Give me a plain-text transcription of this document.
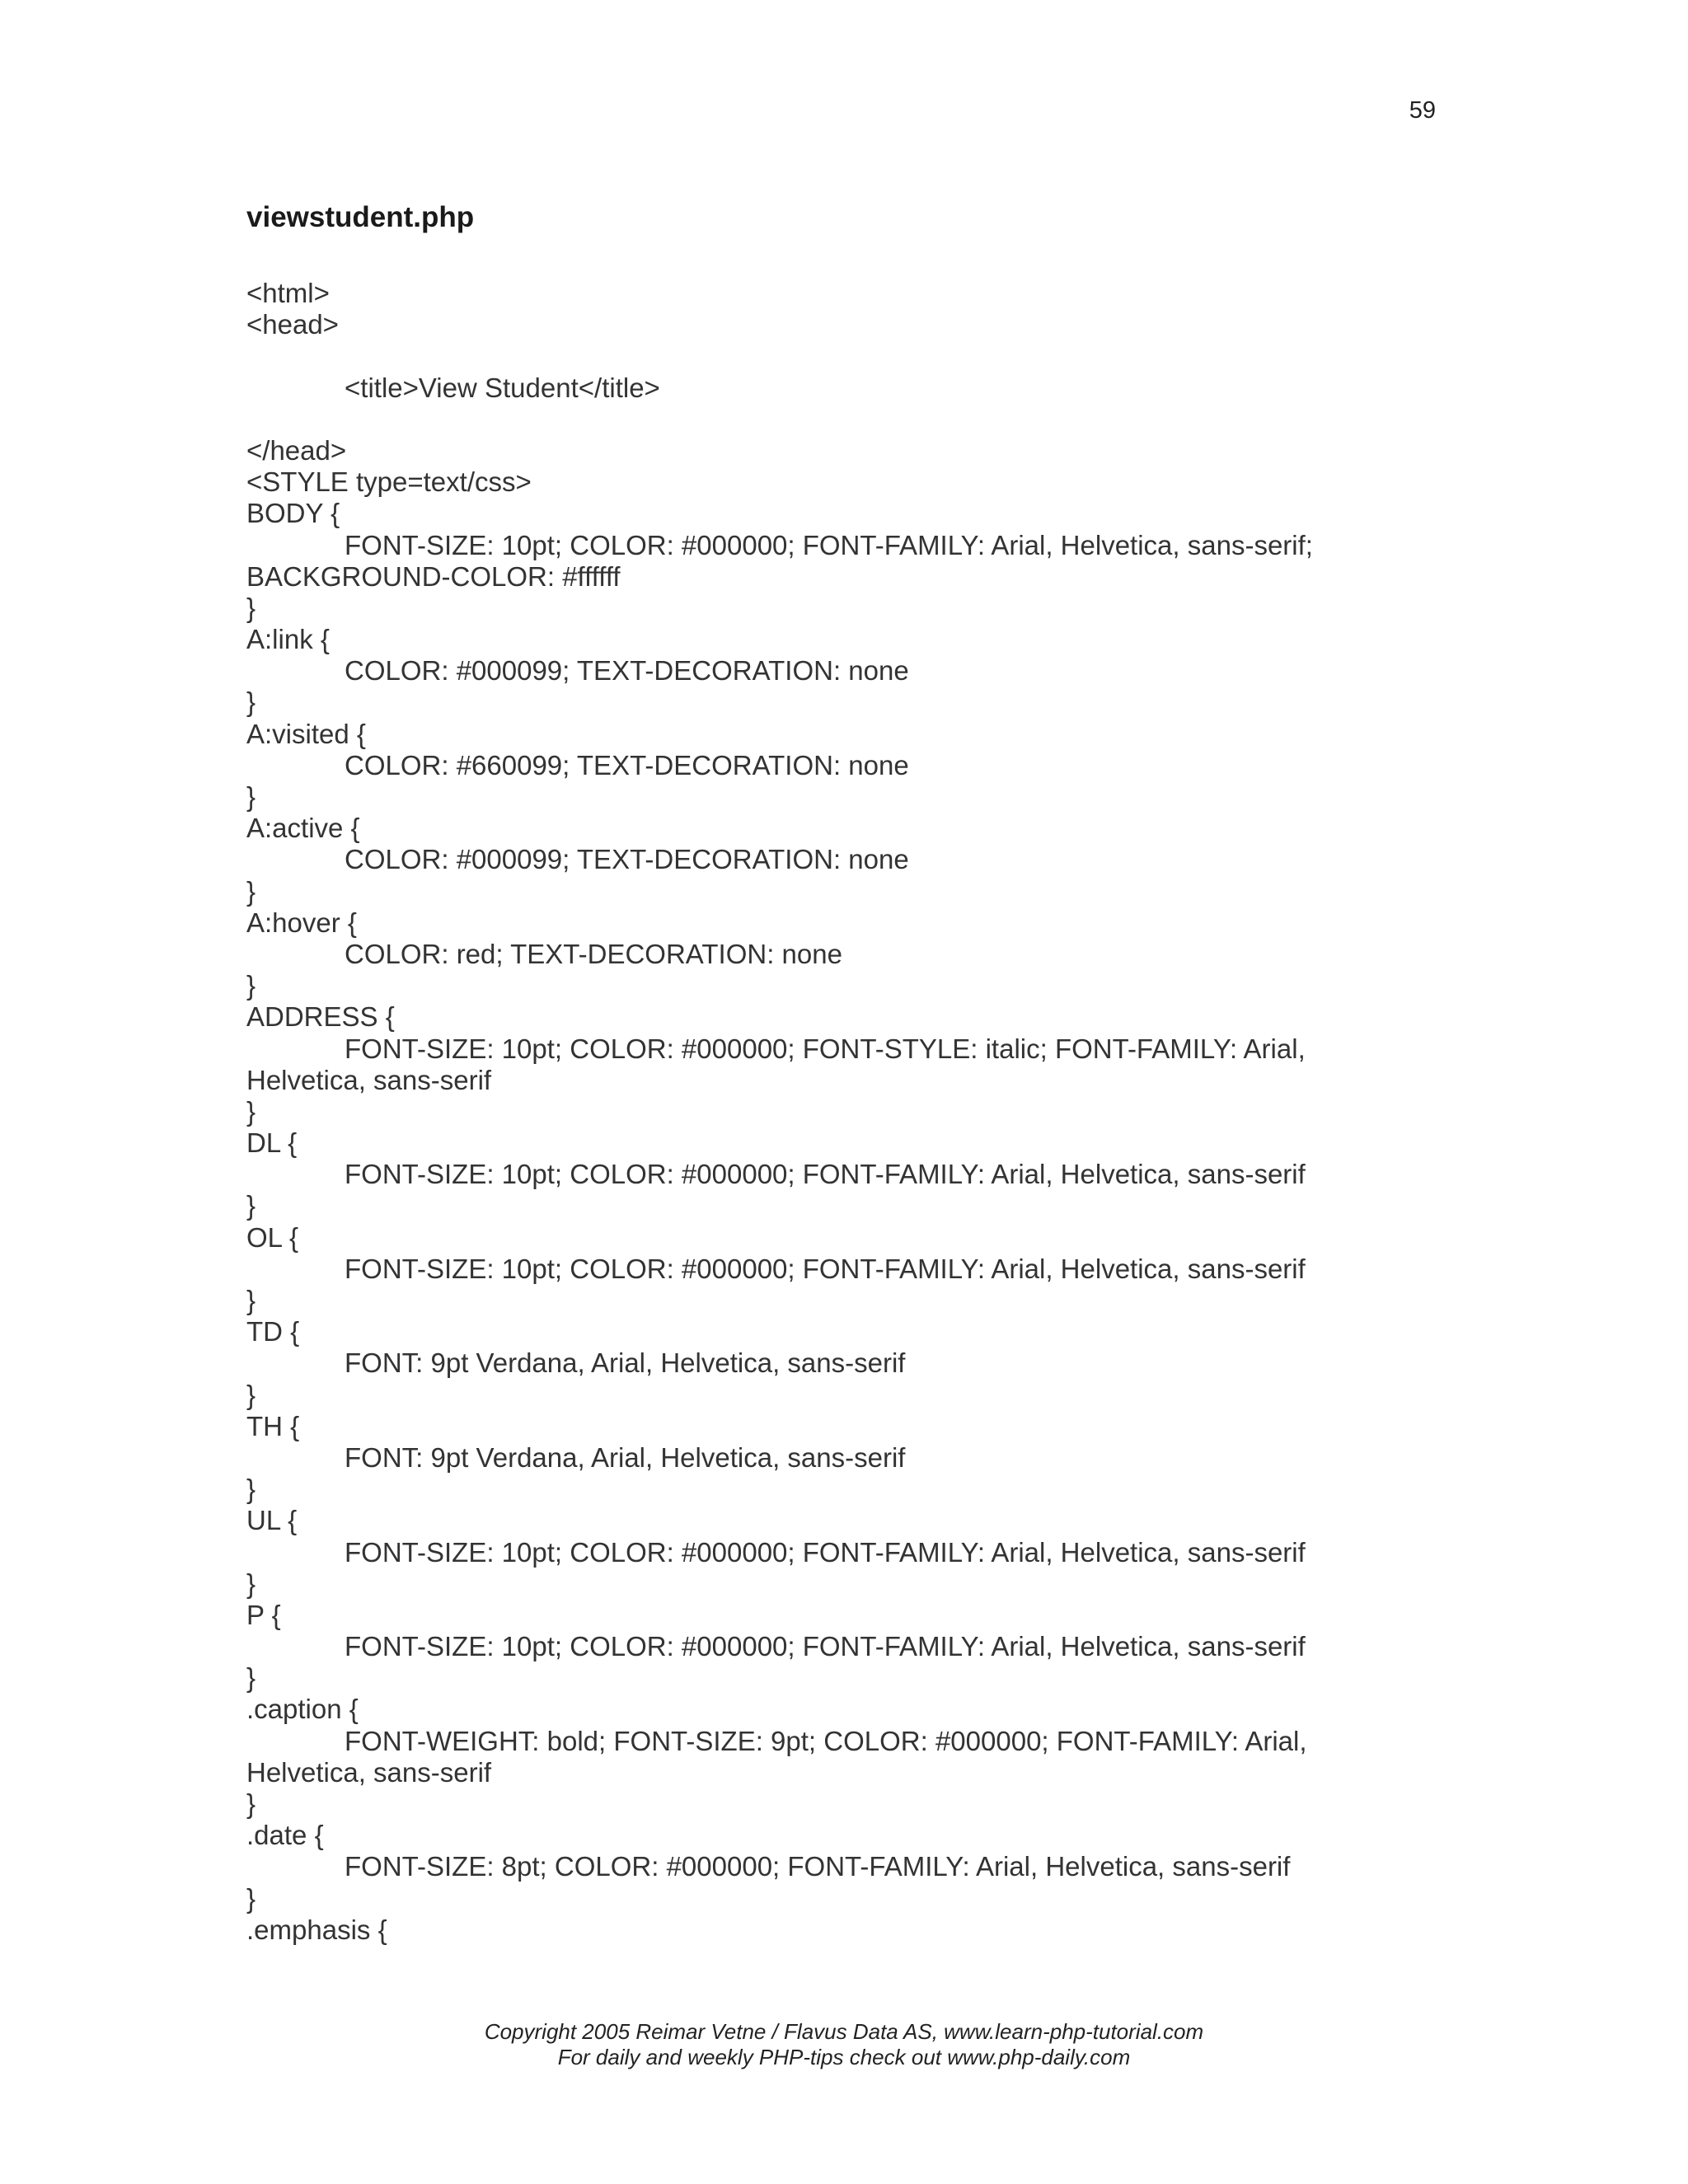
59
viewstudent.php
<html>
<head>
<title>View Student</title>
</head>
<STYLE type=text/css>
BODY {
FONT-SIZE: 10pt; COLOR: #000000; FONT-FAMILY: Arial, Helvetica, sans-serif;
BACKGROUND-COLOR: #ffffff
}
A:link {
COLOR: #000099; TEXT-DECORATION: none
}
A:visited {
COLOR: #660099; TEXT-DECORATION: none
}
A:active {
COLOR: #000099; TEXT-DECORATION: none
}
A:hover {
COLOR: red; TEXT-DECORATION: none
}
ADDRESS {
FONT-SIZE: 10pt; COLOR: #000000; FONT-STYLE: italic; FONT-FAMILY: Arial,
Helvetica, sans-serif
}
DL {
FONT-SIZE: 10pt; COLOR: #000000; FONT-FAMILY: Arial, Helvetica, sans-serif
}
OL {
FONT-SIZE: 10pt; COLOR: #000000; FONT-FAMILY: Arial, Helvetica, sans-serif
}
TD {
FONT: 9pt Verdana, Arial, Helvetica, sans-serif
}
TH {
FONT: 9pt Verdana, Arial, Helvetica, sans-serif
}
UL {
FONT-SIZE: 10pt; COLOR: #000000; FONT-FAMILY: Arial, Helvetica, sans-serif
}
P {
FONT-SIZE: 10pt; COLOR: #000000; FONT-FAMILY: Arial, Helvetica, sans-serif
}
.caption {
FONT-WEIGHT: bold; FONT-SIZE: 9pt; COLOR: #000000; FONT-FAMILY: Arial,
Helvetica, sans-serif
}
.date {
FONT-SIZE: 8pt; COLOR: #000000; FONT-FAMILY: Arial, Helvetica, sans-serif
}
.emphasis {
Copyright 2005 Reimar Vetne / Flavus Data AS, www.learn-php-tutorial.com
For daily and weekly PHP-tips check out www.php-daily.com
